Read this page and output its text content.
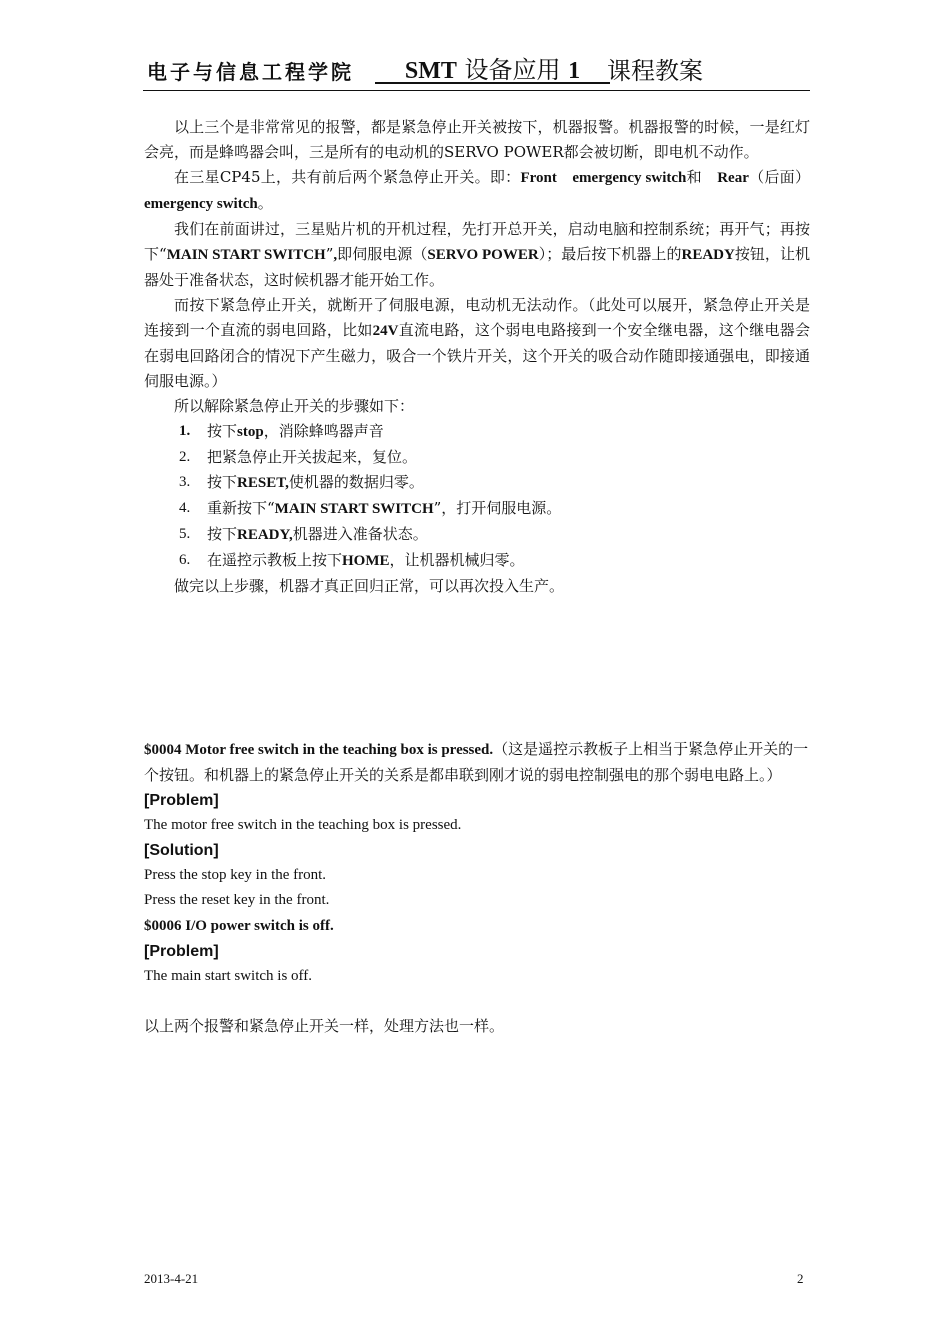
电子与信息工程学院	SMT 设备应用 1	课程教案

以上三个是非常常见的报警，都是紧急停止开关被按下，机器报警。机器报警的时候，一是红灯会亮，而是蜂鸣器会叫，三是所有的电动机的SERVO POWER都会被切断，即电机不动作。

在三星CP45上，共有前后两个紧急停止开关。即：Front　emergency switch和　Rear（后面）emergency switch。

我们在前面讲过，三星贴片机的开机过程，先打开总开关，启动电脑和控制系统；再开气；再按下“MAIN START SWITCH”,即伺服电源（SERVO POWER）；最后按下机器上的READY按钮，让机器处于准备状态，这时候机器才能开始工作。

而按下紧急停止开关，就断开了伺服电源，电动机无法动作。（此处可以展开，紧急停止开关是连接到一个直流的弱电回路，比如24V直流电路，这个弱电电路接到一个安全继电器，这个继电器会在弱电回路闭合的情况下产生磁力，吸合一个铁片开关，这个开关的吸合动作随即接通强电，即接通伺服电源。）

所以解除紧急停止开关的步骤如下：

1.	按下stop，消除蜂鸣器声音
2.	把紧急停止开关拔起来，复位。
3.	按下RESET,使机器的数据归零。
4.	重新按下“MAIN START SWITCH”，打开伺服电源。
5.	按下READY,机器进入准备状态。
6.	在遥控示教板上按下HOME，让机器机械归零。

做完以上步骤，机器才真正回归正常，可以再次投入生产。

$0004 Motor free switch in the teaching box is pressed.（这是遥控示教板子上相当于紧急停止开关的一个按钮。和机器上的紧急停止开关的关系是都串联到刚才说的弱电控制强电的那个弱电电路上。）

[Problem]

The motor free switch in the teaching box is pressed.

[Solution]

Press the stop key in the front.

Press the reset key in the front.

$0006 I/O power switch is off.

[Problem]

The main start switch is off.

以上两个报警和紧急停止开关一样，处理方法也一样。

2013-4-21	2
